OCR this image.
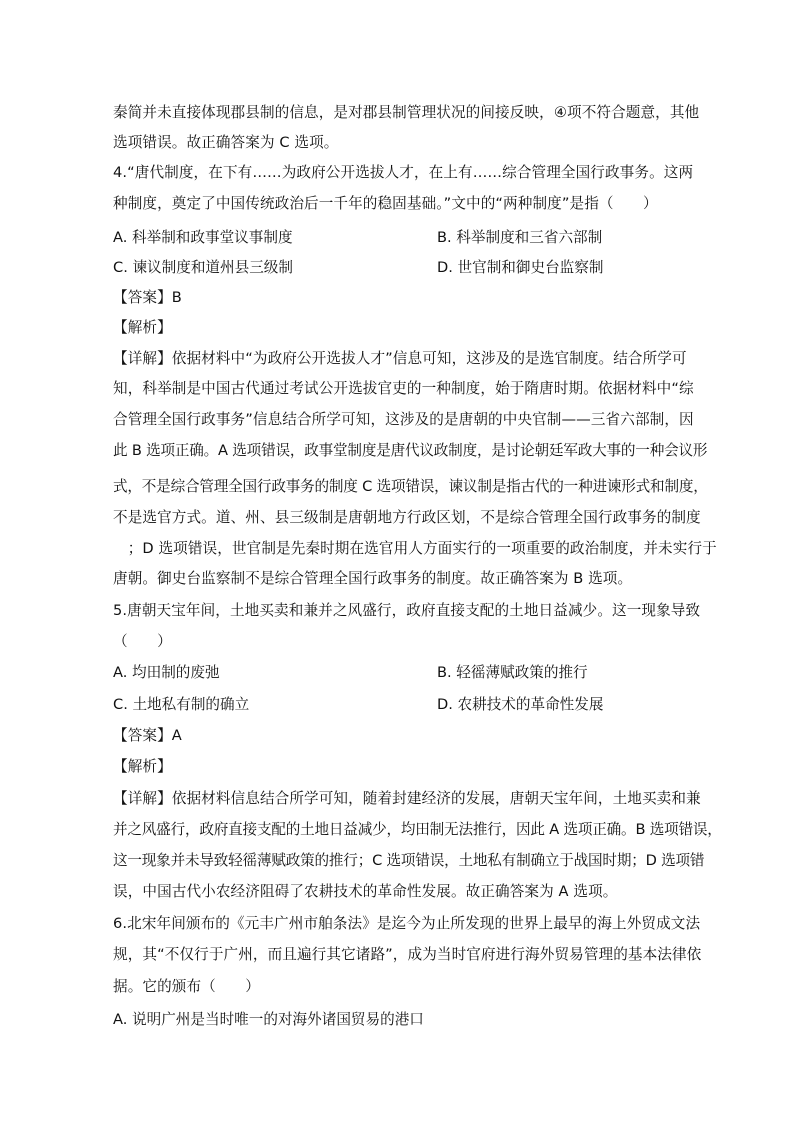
秦简并未直接体现郡县制的信息，是对郡县制管理状况的间接反映，④项不符合题意，其他
选项错误。故正确答案为 C 选项。
4.“唐代制度，在下有……为政府公开选拔人才，在上有……综合管理全国行政事务。这两
种制度，奠定了中国传统政治后一千年的稳固基础。”文中的“两种制度”是指（　　）
A. 科举制和政事堂议事制度	B. 科举制度和三省六部制
C. 谏议制度和道州县三级制	D. 世官制和御史台监察制
【答案】B
【解析】
【详解】依据材料中“为政府公开选拔人才”信息可知，这涉及的是选官制度。结合所学可
知，科举制是中国古代通过考试公开选拔官吏的一种制度，始于隋唐时期。依据材料中“综
合管理全国行政事务”信息结合所学可知，这涉及的是唐朝的中央官制——三省六部制，因
此 B 选项正确。A 选项错误，政事堂制度是唐代议政制度，是讨论朝廷军政大事的一种会议形
式，不是综合管理全国行政事务的制度 C 选项错误，谏议制是指古代的一种进谏形式和制度，
不是选官方式。道、州、县三级制是唐朝地方行政区划，不是综合管理全国行政事务的制度
　；D 选项错误，世官制是先秦时期在选官用人方面实行的一项重要的政治制度，并未实行于
唐朝。御史台监察制不是综合管理全国行政事务的制度。故正确答案为 B 选项。
5.唐朝天宝年间，土地买卖和兼并之风盛行，政府直接支配的土地日益减少。这一现象导致
（　　）
A. 均田制的废弛	B. 轻徭薄赋政策的推行
C. 土地私有制的确立	D. 农耕技术的革命性发展
【答案】A
【解析】
【详解】依据材料信息结合所学可知，随着封建经济的发展，唐朝天宝年间，土地买卖和兼
并之风盛行，政府直接支配的土地日益减少，均田制无法推行，因此 A 选项正确。B 选项错误，
这一现象并未导致轻徭薄赋政策的推行；C 选项错误，土地私有制确立于战国时期；D 选项错
误，中国古代小农经济阻碍了农耕技术的革命性发展。故正确答案为 A 选项。
6.北宋年间颁布的《元丰广州市舶条法》是迄今为止所发现的世界上最早的海上外贸成文法
规，其“不仅行于广州，而且遍行其它诸路”，成为当时官府进行海外贸易管理的基本法律依
据。它的颁布（　　）
A. 说明广州是当时唯一的对海外诸国贸易的港口
